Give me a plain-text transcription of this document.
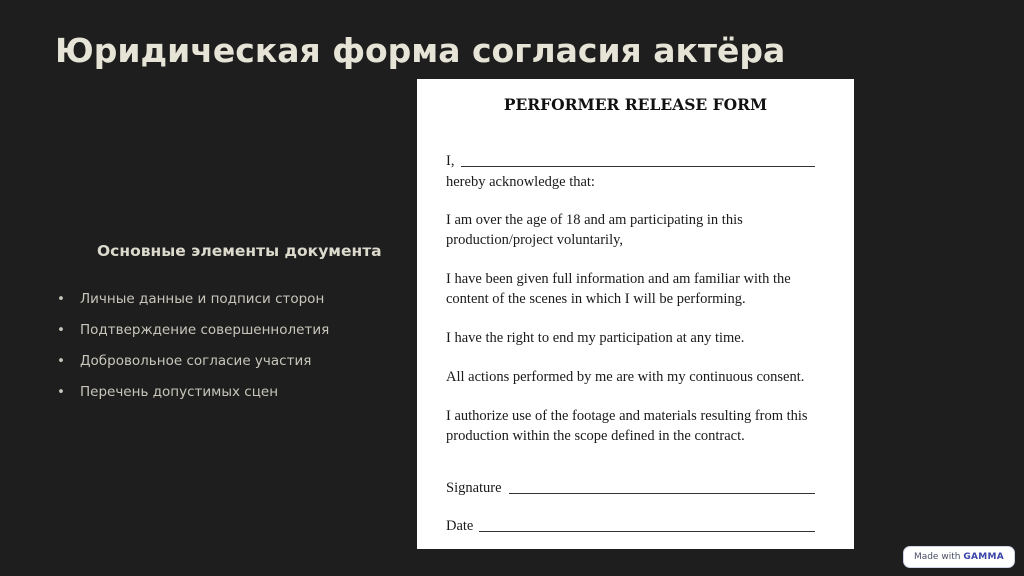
Юридическая форма согласия актёра
Основные элементы документа
• Личные данные и подписи сторон
• Подтверждение совершеннолетия
• Добровольное согласие участия
• Перечень допустимых сцен
PERFORMER RELEASE FORM
I,
hereby acknowledge that:
I am over the age of 18 and am participating in this
production/project voluntarily,
I have been given full information and am familiar with the
content of the scenes in which I will be performing.
I have the right to end my participation at any time.
All actions performed by me are with my continuous consent.
I authorize use of the footage and materials resulting from this
production within the scope defined in the contract.
Signature
Date
Made with GAMMA
